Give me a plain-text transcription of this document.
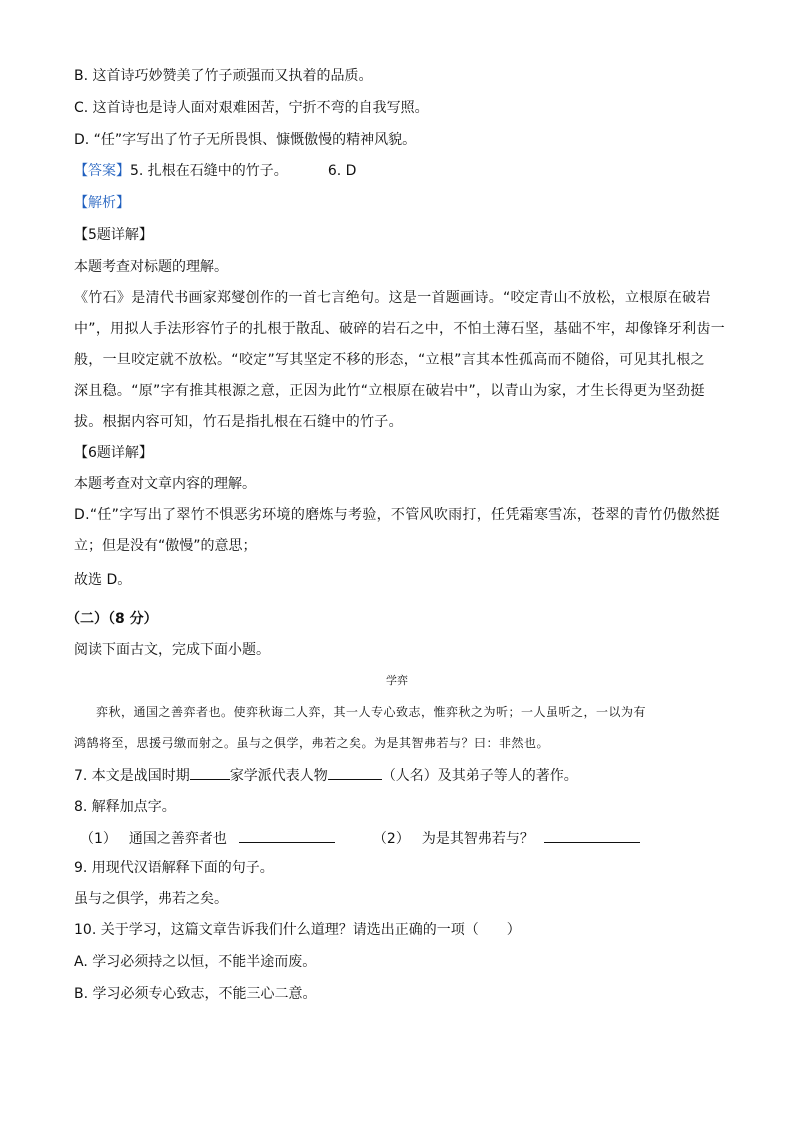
B. 这首诗巧妙赞美了竹子顽强而又执着的品质。
C. 这首诗也是诗人面对艰难困苦，宁折不弯的自我写照。
D. “任”字写出了竹子无所畏惧、慷慨傲慢的精神风貌。
【答案】5. 扎根在石缝中的竹子。	6. D
【解析】
【5题详解】
本题考查对标题的理解。
《竹石》是清代书画家郑燮创作的一首七言绝句。这是一首题画诗。“咬定青山不放松，立根原在破岩
中”，用拟人手法形容竹子的扎根于散乱、破碎的岩石之中，不怕土薄石坚，基础不牢，却像锋牙利齿一
般，一旦咬定就不放松。“咬定”写其坚定不移的形态，“立根”言其本性孤高而不随俗，可见其扎根之
深且稳。“原”字有推其根源之意，正因为此竹“立根原在破岩中”，以青山为家，才生长得更为坚劲挺
拔。根据内容可知，竹石是指扎根在石缝中的竹子。
【6题详解】
本题考查对文章内容的理解。
D.“任”字写出了翠竹不惧恶劣环境的磨炼与考验，不管风吹雨打，任凭霜寒雪冻，苍翠的青竹仍傲然挺
立；但是没有“傲慢”的意思；
故选 D。
（二）（8 分）
阅读下面古文，完成下面小题。
学弈
弈秋，通国之善弈者也。使弈秋诲二人弈，其一人专心致志，惟弈秋之为听；一人虽听之，一以为有
鸿鹄将至，思援弓缴而射之。虽与之俱学，弗若之矣。为是其智弗若与？曰：非然也。
7. 本文是战国时期	家学派代表人物	（人名）及其弟子等人的著作。
8. 解释加点字。
（1） 通国之善弈者也	（2） 为是其智弗若与？
9. 用现代汉语解释下面的句子。
虽与之俱学，弗若之矣。
10. 关于学习，这篇文章告诉我们什么道理？请选出正确的一项（　　）
A. 学习必须持之以恒，不能半途而废。
B. 学习必须专心致志，不能三心二意。
